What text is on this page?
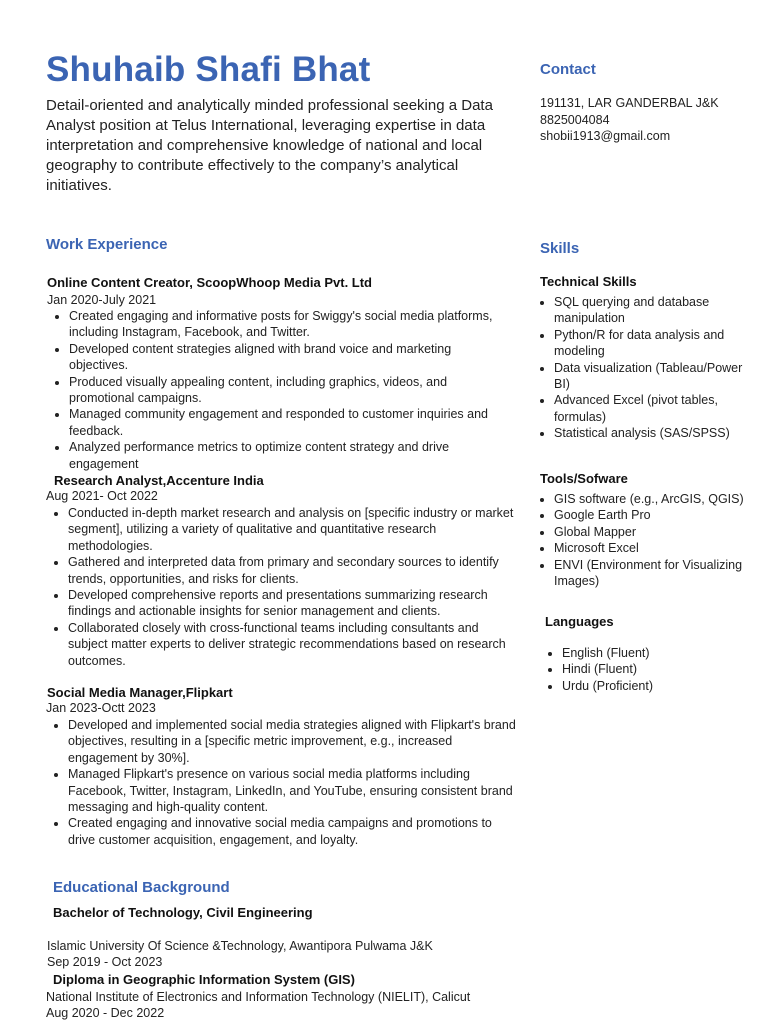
Shuhaib Shafi Bhat
Detail-oriented and analytically minded professional seeking a Data Analyst position at Telus International, leveraging expertise in data interpretation and comprehensive knowledge of national and local geography to contribute effectively to the company’s analytical initiatives.
Contact
191131, LAR GANDERBAL J&K
8825004084
shobii1913@gmail.com
Work Experience
Online Content Creator, ScoopWhoop Media Pvt. Ltd
Jan 2020-July 2021
• Created engaging and informative posts for Swiggy's social media platforms, including Instagram, Facebook, and Twitter.
• Developed content strategies aligned with brand voice and marketing objectives.
• Produced visually appealing content, including graphics, videos, and promotional campaigns.
• Managed community engagement and responded to customer inquiries and feedback.
• Analyzed performance metrics to optimize content strategy and drive engagement
Research Analyst,Accenture India
Aug 2021- Oct 2022
• Conducted in-depth market research and analysis on [specific industry or market segment], utilizing a variety of qualitative and quantitative research methodologies.
• Gathered and interpreted data from primary and secondary sources to identify trends, opportunities, and risks for clients.
• Developed comprehensive reports and presentations summarizing research findings and actionable insights for senior management and clients.
• Collaborated closely with cross-functional teams including consultants and subject matter experts to deliver strategic recommendations based on research outcomes.
Social Media Manager,Flipkart
Jan 2023-Octt 2023
• Developed and implemented social media strategies aligned with Flipkart's brand objectives, resulting in a [specific metric improvement, e.g., increased engagement by 30%].
• Managed Flipkart's presence on various social media platforms including Facebook, Twitter, Instagram, LinkedIn, and YouTube, ensuring consistent brand messaging and high-quality content.
• Created engaging and innovative social media campaigns and promotions to drive customer acquisition, engagement, and loyalty.
Educational Background
Bachelor of Technology, Civil Engineering
Islamic University Of Science &Technology, Awantipora Pulwama J&K
Sep 2019 - Oct 2023
Diploma in Geographic Information System (GIS)
National Institute of Electronics and Information Technology (NIELIT), Calicut
Aug 2020 - Dec 2022
Skills
Technical Skills
• SQL querying and database manipulation
• Python/R for data analysis and modeling
• Data visualization (Tableau/Power BI)
• Advanced Excel (pivot tables, formulas)
• Statistical analysis (SAS/SPSS)
Tools/Sofware
• GIS software (e.g., ArcGIS, QGIS)
• Google Earth Pro
• Global Mapper
• Microsoft Excel
• ENVI (Environment for Visualizing Images)
Languages
• English (Fluent)
• Hindi (Fluent)
• Urdu (Proficient)
